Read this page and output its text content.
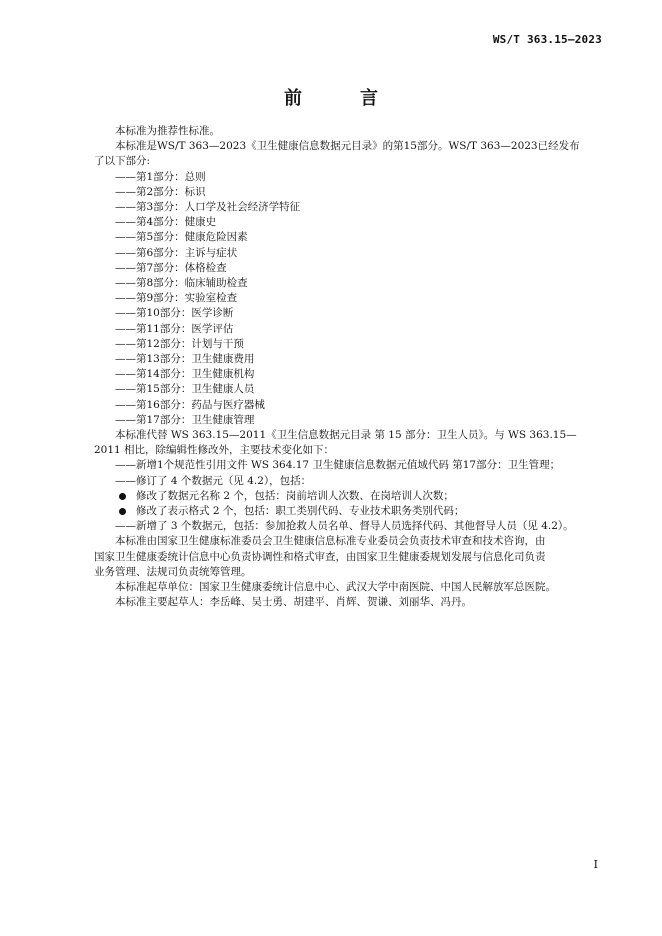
WS/T 363.15—2023
前　言

本标准为推荐性标准。

本标准是WS/T 363—2023《卫生健康信息数据元目录》的第15部分。WS/T 363—2023已经发布

了以下部分:

——第1部分：总则

——第2部分：标识

——第3部分：人口学及社会经济学特征

——第4部分：健康史

——第5部分：健康危险因素

——第6部分：主诉与症状

——第7部分：体格检查

——第8部分：临床辅助检查

——第9部分：实验室检查

——第10部分：医学诊断

——第11部分：医学评估

——第12部分：计划与干预

——第13部分：卫生健康费用

——第14部分：卫生健康机构

——第15部分：卫生健康人员

——第16部分：药品与医疗器械

——第17部分：卫生健康管理

本标准代替 WS 363.15—2011《卫生信息数据元目录 第 15 部分：卫生人员》。与 WS 363.15—

2011 相比，除编辑性修改外，主要技术变化如下：

——新增1个规范性引用文件 WS 364.17 卫生健康信息数据元值域代码 第17部分：卫生管理；

——修订了 4 个数据元（见 4.2），包括：

修改了数据元名称 2 个，包括：岗前培训人次数、在岗培训人次数；
修改了表示格式 2 个，包括：职工类别代码、专业技术职务类别代码；

——新增了 3 个数据元，包括：参加抢救人员名单、督导人员选择代码、其他督导人员（见 4.2）。

本标准由国家卫生健康标准委员会卫生健康信息标准专业委员会负责技术审查和技术咨询，由

国家卫生健康委统计信息中心负责协调性和格式审查，由国家卫生健康委规划发展与信息化司负责

业务管理、法规司负责统筹管理。

本标准起草单位：国家卫生健康委统计信息中心、武汉大学中南医院、中国人民解放军总医院。

本标准主要起草人：李岳峰、吴士勇、胡建平、肖辉、贺谦、刘丽华、冯丹。

I
